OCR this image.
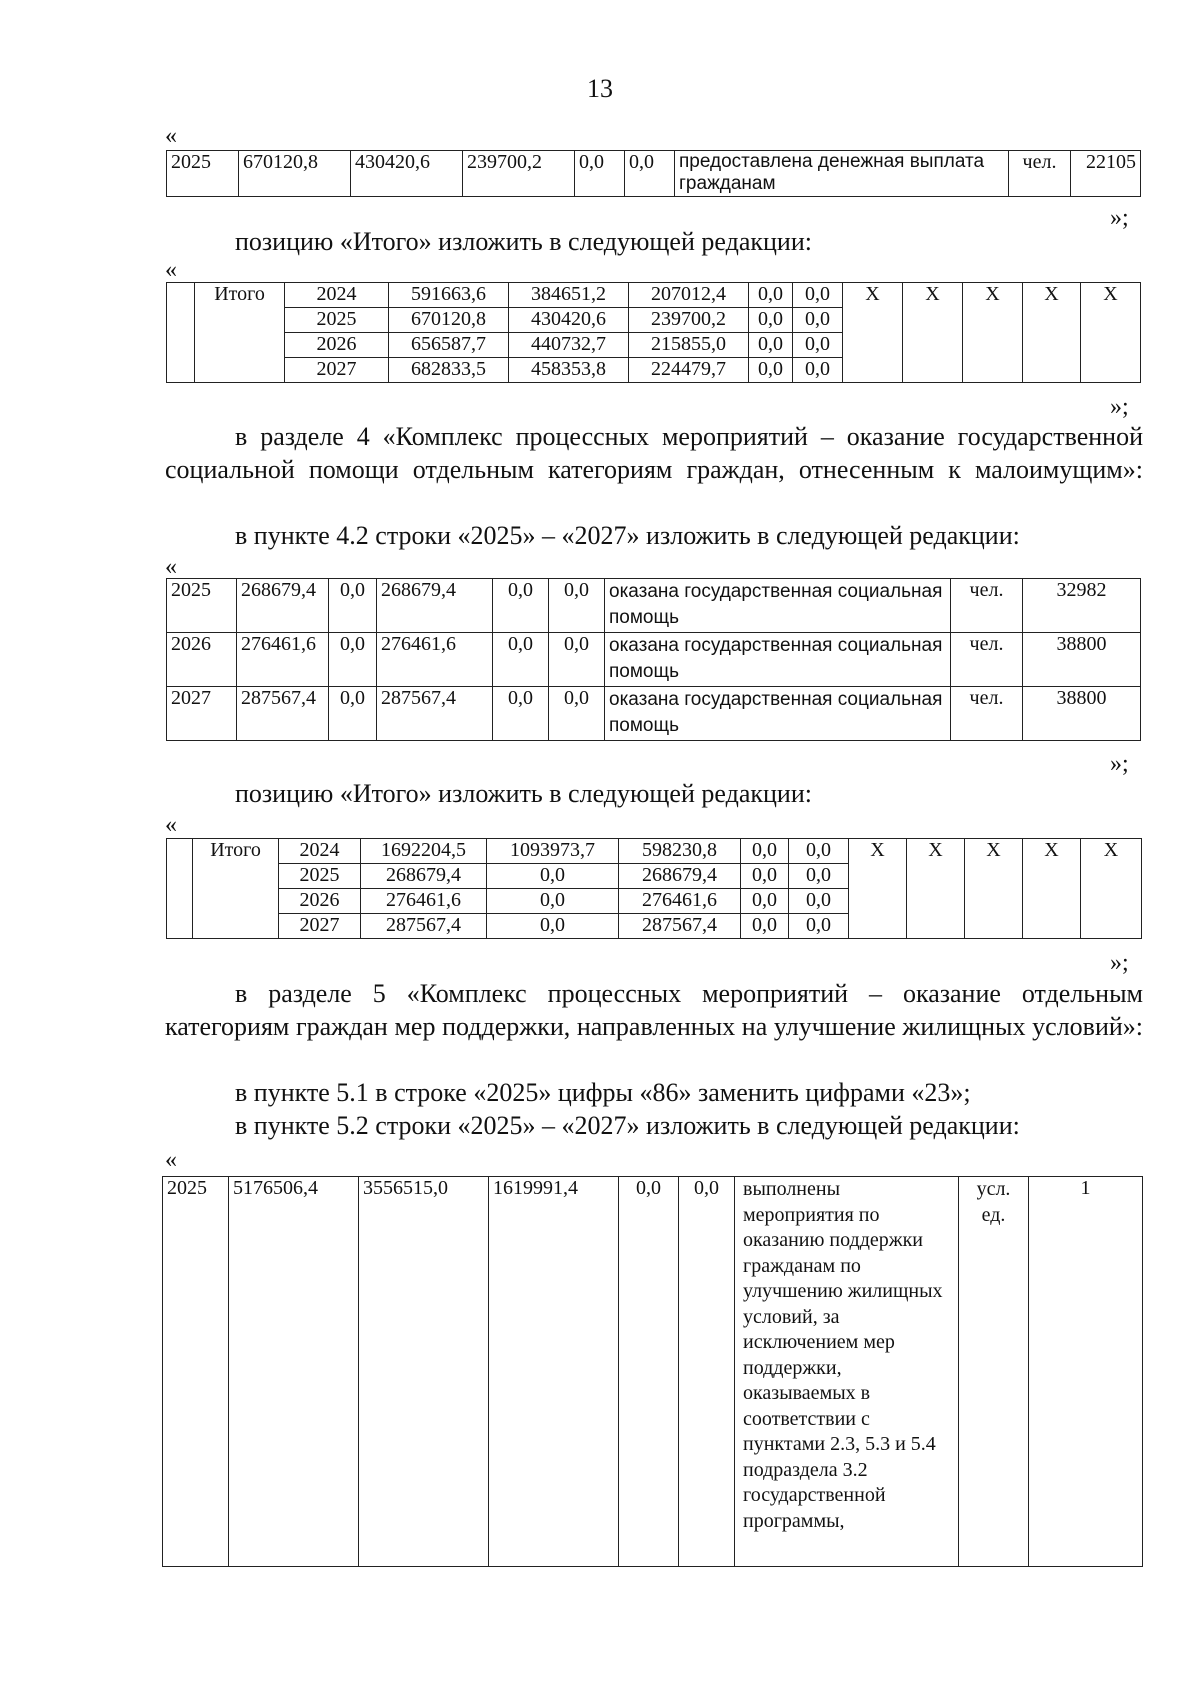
13
«
2025	670120,8	430420,6	239700,2	0,0	0,0	предоставлена денежная выплата гражданам	чел.	22105
»;
позицию «Итого» изложить в следующей редакции:
«
	Итого	2024	591663,6	384651,2	207012,4	0,0	0,0	Х	Х	Х	Х	Х
		2025	670120,8	430420,6	239700,2	0,0	0,0					
		2026	656587,7	440732,7	215855,0	0,0	0,0					
		2027	682833,5	458353,8	224479,7	0,0	0,0					
»;
в разделе 4 «Комплекс процессных мероприятий – оказание государственной социальной помощи отдельным категориям граждан, отнесенным к малоимущим»:
в пункте 4.2 строки «2025» – «2027» изложить в следующей редакции:
«
2025	268679,4	0,0	268679,4	0,0	0,0	оказана государственная социальная помощь	чел.	32982
2026	276461,6	0,0	276461,6	0,0	0,0	оказана государственная социальная помощь	чел.	38800
2027	287567,4	0,0	287567,4	0,0	0,0	оказана государственная социальная помощь	чел.	38800
»;
позицию «Итого» изложить в следующей редакции:
«
	Итого	2024	1692204,5	1093973,7	598230,8	0,0	0,0	Х	Х	Х	Х	Х
		2025	268679,4	0,0	268679,4	0,0	0,0					
		2026	276461,6	0,0	276461,6	0,0	0,0					
		2027	287567,4	0,0	287567,4	0,0	0,0					
»;
в разделе 5 «Комплекс процессных мероприятий – оказание отдельным категориям граждан мер поддержки, направленных на улучшение жилищных условий»:
в пункте 5.1 в строке «2025» цифры «86» заменить цифрами «23»;
в пункте 5.2 строки «2025» – «2027» изложить в следующей редакции:
«
2025	5176506,4	3556515,0	1619991,4	0,0	0,0	выполнены мероприятия по оказанию поддержки гражданам по улучшению жилищных условий, за исключением мер поддержки, оказываемых в соответствии с пунктами 2.3, 5.3 и 5.4 подраздела 3.2 государственной программы,	усл. ед.	1
